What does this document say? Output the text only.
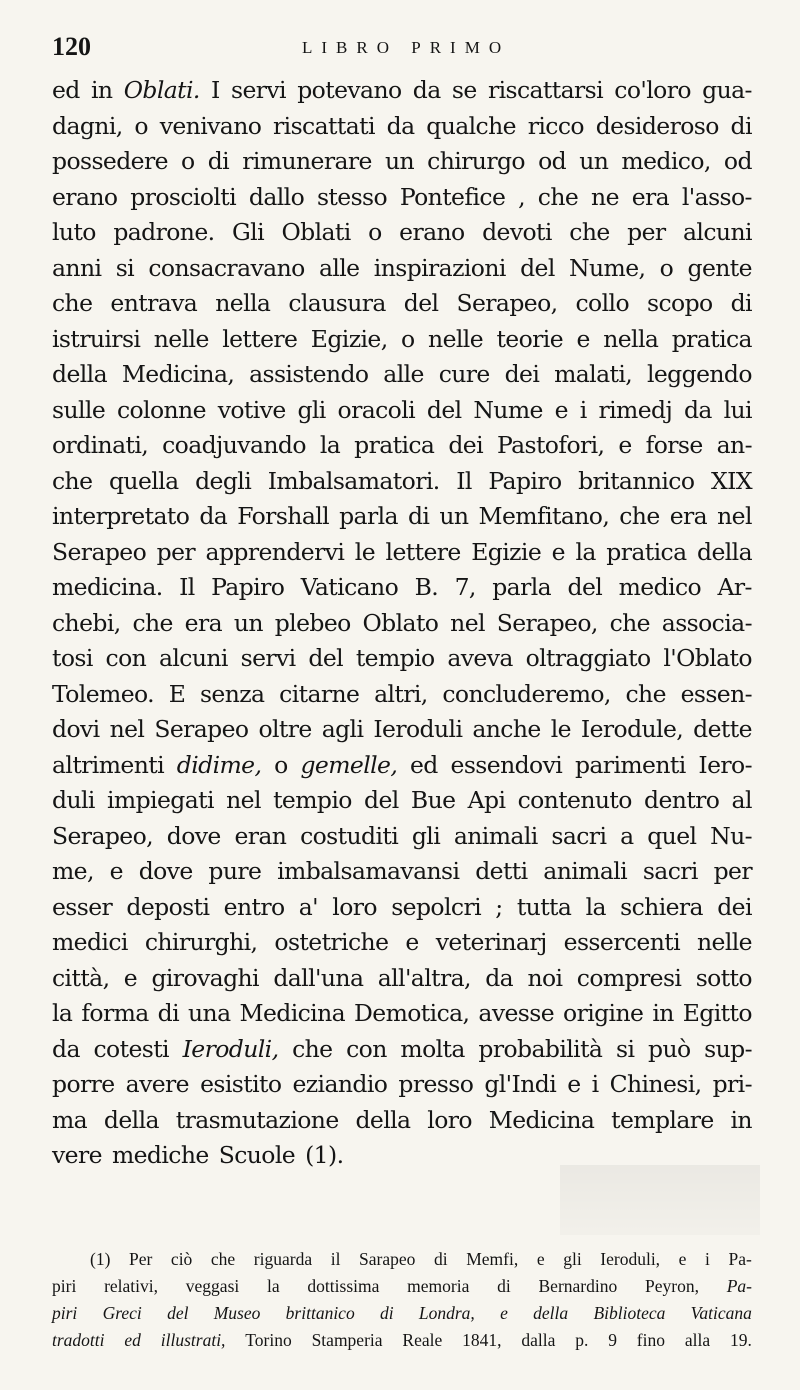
120	LIBRO PRIMO
ed in Oblati. I servi potevano da se riscattarsi co'loro gua-
dagni, o venivano riscattati da qualche ricco desideroso di
possedere o di rimunerare un chirurgo od un medico, od
erano prosciolti dallo stesso Pontefice , che ne era l'asso-
luto padrone. Gli Oblati o erano devoti che per alcuni
anni si consacravano alle inspirazioni del Nume, o gente
che entrava nella clausura del Serapeo, collo scopo di
istruirsi nelle lettere Egizie, o nelle teorie e nella pratica
della Medicina, assistendo alle cure dei malati, leggendo
sulle colonne votive gli oracoli del Nume e i rimedj da lui
ordinati, coadjuvando la pratica dei Pastofori, e forse an-
che quella degli Imbalsamatori. Il Papiro britannico XIX
interpretato da Forshall parla di un Memfitano, che era nel
Serapeo per apprendervi le lettere Egizie e la pratica della
medicina. Il Papiro Vaticano B. 7, parla del medico Ar-
chebi, che era un plebeo Oblato nel Serapeo, che associa-
tosi con alcuni servi del tempio aveva oltraggiato l'Oblato
Tolemeo. E senza citarne altri, concluderemo, che essen-
dovi nel Serapeo oltre agli Ieroduli anche le Ierodule, dette
altrimenti didime, o gemelle, ed essendovi parimenti Iero-
duli impiegati nel tempio del Bue Api contenuto dentro al
Serapeo, dove eran costuditi gli animali sacri a quel Nu-
me, e dove pure imbalsamavansi detti animali sacri per
esser deposti entro a' loro sepolcri ; tutta la schiera dei
medici chirurghi, ostetriche e veterinarj essercenti nelle
città, e girovaghi dall'una all'altra, da noi compresi sotto
la forma di una Medicina Demotica, avesse origine in Egitto
da cotesti Ieroduli, che con molta probabilità si può sup-
porre avere esistito eziandio presso gl'Indi e i Chinesi, pri-
ma della trasmutazione della loro Medicina templare in
vere mediche Scuole (1).
(1) Per ciò che riguarda il Sarapeo di Memfi, e gli Ieroduli, e i Pa-
piri relativi, veggasi la dottissima memoria di Bernardino Peyron, Pa-
piri Greci del Museo brittanico di Londra, e della Biblioteca Vaticana
tradotti ed illustrati, Torino Stamperia Reale 1841, dalla p. 9 fino alla 19.
